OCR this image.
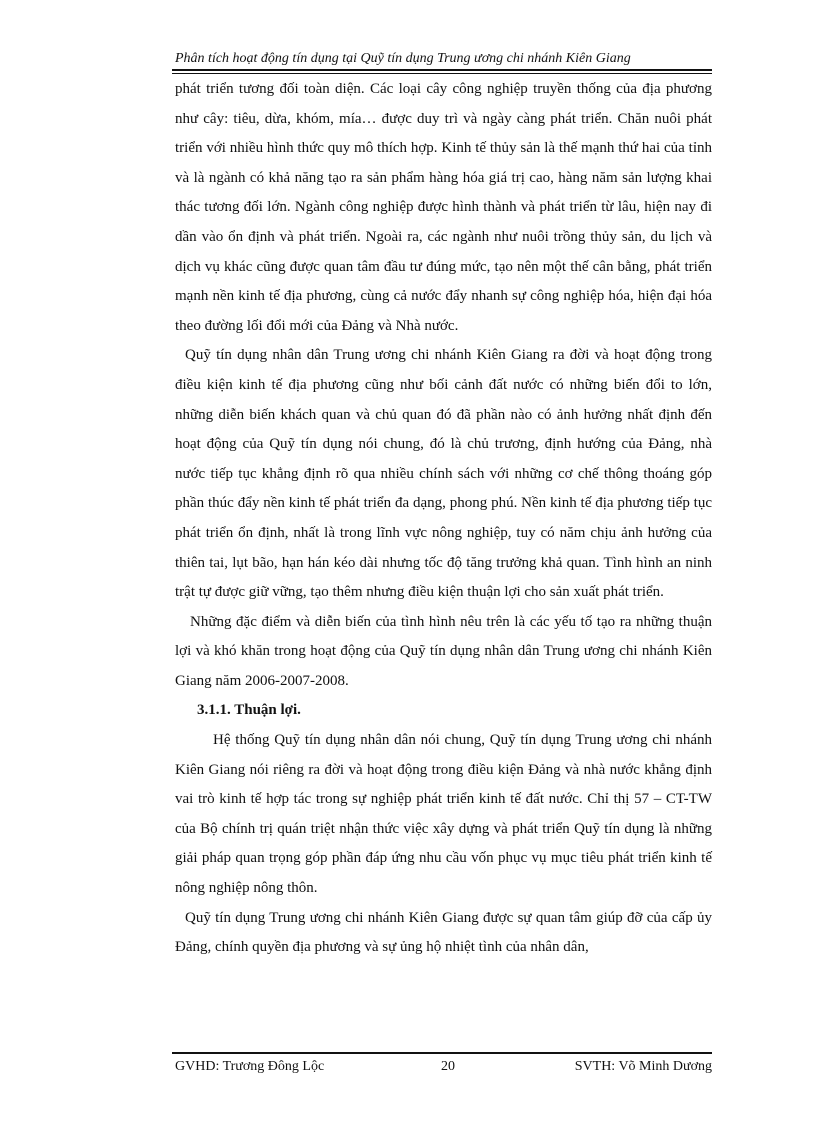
Phân tích hoạt động tín dụng tại Quỹ tín dụng Trung ương chi nhánh Kiên Giang

phát triển tương đối toàn diện. Các loại cây công nghiệp truyền thống của địa phương như cây: tiêu, dừa, khóm, mía… được duy trì và ngày càng phát triển. Chăn nuôi phát triển với nhiều hình thức quy mô thích hợp. Kinh tế thủy sản là thế mạnh thứ hai của tỉnh và là ngành có khả năng tạo ra sản phẩm hàng hóa giá trị cao, hàng năm sản lượng khai thác tương đối lớn. Ngành công nghiệp được hình thành và phát triển từ lâu, hiện nay đi dần vào ổn định và phát triển. Ngoài ra, các ngành như nuôi trồng thủy sản, du lịch và dịch vụ khác cũng được quan tâm đầu tư đúng mức, tạo nên một thế cân bằng, phát triển mạnh nền kinh tế địa phương, cùng cả nước đẩy nhanh sự công nghiệp hóa, hiện đại hóa theo đường lối đổi mới của Đảng và Nhà nước.

Quỹ tín dụng nhân dân Trung ương chi nhánh Kiên Giang ra đời và hoạt động trong điều kiện kinh tế địa phương cũng như bối cảnh đất nước có những biến đổi to lớn, những diễn biến khách quan và chủ quan đó đã phần nào có ảnh hưởng nhất định đến hoạt động của Quỹ tín dụng nói chung, đó là chủ trương, định hướng của Đảng, nhà nước tiếp tục khẳng định rõ qua nhiều chính sách với những cơ chế thông thoáng góp phần thúc đẩy nền kinh tế phát triển đa dạng, phong phú. Nền kinh tế địa phương tiếp tục phát triển ổn định, nhất là trong lĩnh vực nông nghiệp, tuy có năm chịu ảnh hưởng của thiên tai, lụt bão, hạn hán kéo dài nhưng tốc độ tăng trưởng khả quan. Tình hình an ninh trật tự được giữ vững, tạo thêm nhưng điều kiện thuận lợi cho sản xuất phát triển.

Những đặc điểm và diễn biến của tình hình nêu trên là các yếu tố tạo ra những thuận lợi và khó khăn trong hoạt động của Quỹ tín dụng nhân dân Trung ương chi nhánh Kiên Giang năm 2006-2007-2008.

3.1.1. Thuận lợi.

Hệ thống Quỹ tín dụng nhân dân nói chung, Quỹ tín dụng Trung ương chi nhánh Kiên Giang nói riêng ra đời và hoạt động trong điều kiện Đảng và nhà nước khẳng định vai trò kinh tế hợp tác trong sự nghiệp phát triển kinh tế đất nước. Chỉ thị 57 – CT-TW của Bộ chính trị quán triệt nhận thức việc xây dựng và phát triển Quỹ tín dụng là những giải pháp quan trọng góp phần đáp ứng nhu cầu vốn phục vụ mục tiêu phát triển kinh tế nông nghiệp nông thôn.

Quỹ tín dụng Trung ương chi nhánh Kiên Giang được sự quan tâm giúp đỡ của cấp ủy Đảng, chính quyền địa phương và sự ủng hộ nhiệt tình của nhân dân,

GVHD: Trương Đông Lộc	20	SVTH: Võ Minh Dương
